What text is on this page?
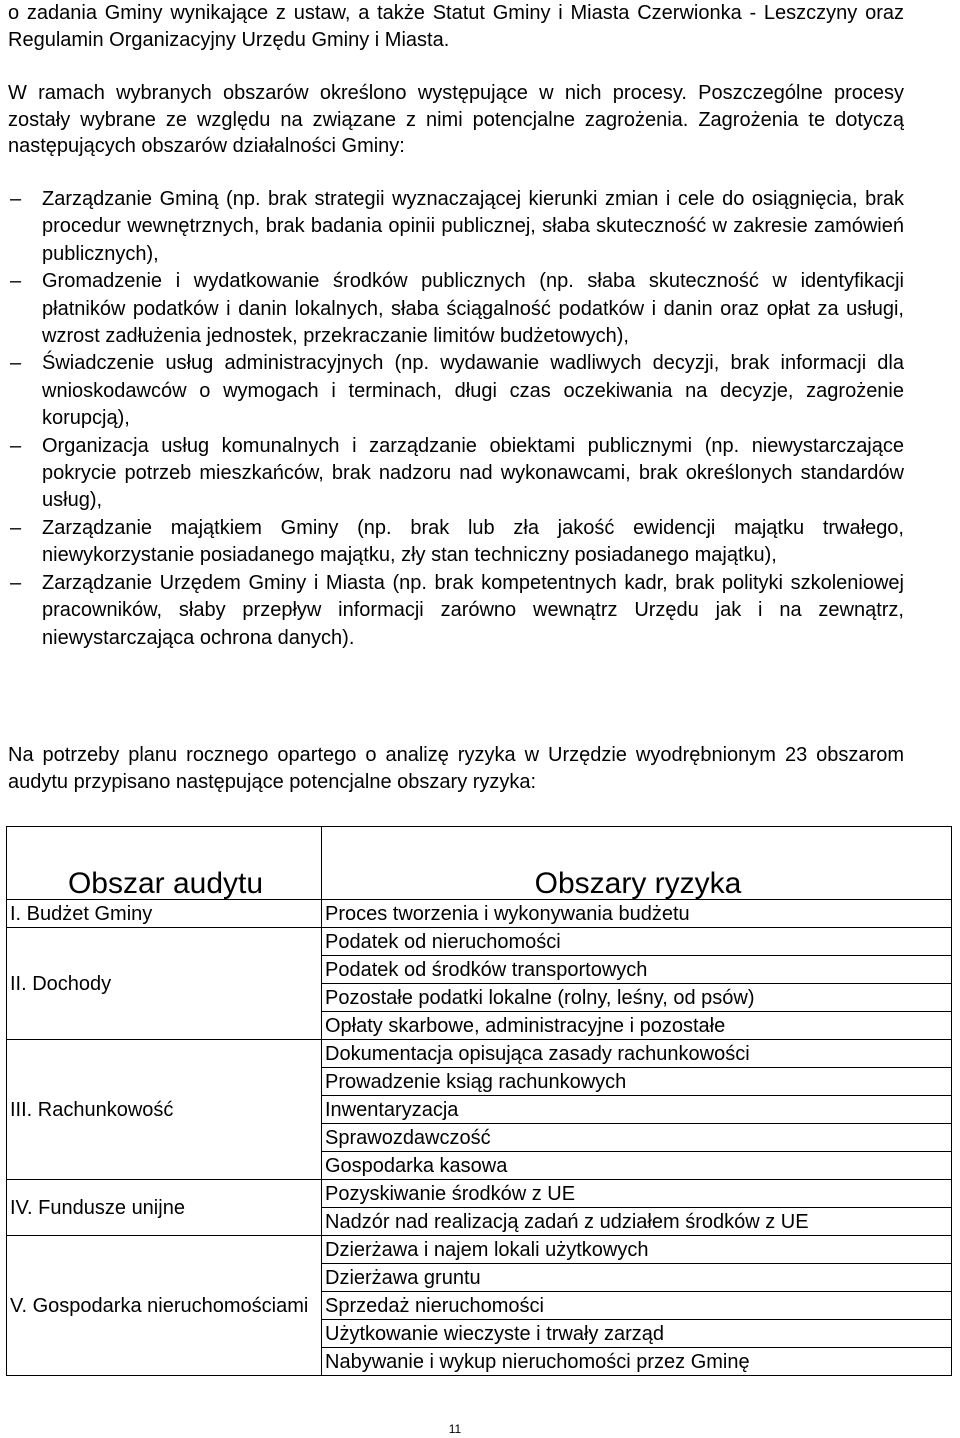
o zadania Gminy wynikające z ustaw, a także Statut Gminy i Miasta Czerwionka - Leszczyny oraz Regulamin Organizacyjny Urzędu Gminy i Miasta.
W ramach wybranych obszarów określono występujące w nich procesy. Poszczególne procesy zostały wybrane ze względu na związane z nimi potencjalne zagrożenia. Zagrożenia te dotyczą następujących obszarów działalności Gminy:
– Zarządzanie Gminą (np. brak strategii wyznaczającej kierunki zmian i cele do osiągnięcia, brak procedur wewnętrznych, brak badania opinii publicznej, słaba skuteczność w zakresie zamówień publicznych),
– Gromadzenie i wydatkowanie środków publicznych (np. słaba skuteczność w identyfikacji płatników podatków i danin lokalnych, słaba ściągalność podatków i danin oraz opłat za usługi, wzrost zadłużenia jednostek, przekraczanie limitów budżetowych),
– Świadczenie usług administracyjnych (np. wydawanie wadliwych decyzji, brak informacji dla wnioskodawców o wymogach i terminach, długi czas oczekiwania na decyzje, zagrożenie korupcją),
– Organizacja usług komunalnych i zarządzanie obiektami publicznymi (np. niewystarczające pokrycie potrzeb mieszkańców, brak nadzoru nad wykonawcami, brak określonych standardów usług),
– Zarządzanie majątkiem Gminy (np. brak lub zła jakość ewidencji majątku trwałego, niewykorzystanie posiadanego majątku, zły stan techniczny posiadanego majątku),
– Zarządzanie Urzędem Gminy i Miasta (np. brak kompetentnych kadr, brak polityki szkoleniowej pracowników, słaby przepływ informacji zarówno wewnątrz Urzędu jak i na zewnątrz, niewystarczająca ochrona danych).
Na potrzeby planu rocznego opartego o analizę ryzyka w Urzędzie wyodrębnionym 23 obszarom audytu przypisano następujące potencjalne obszary ryzyka:
Obszar audytu	Obszary ryzyka
I. Budżet Gminy	Proces tworzenia i wykonywania budżetu
II. Dochody	Podatek od nieruchomości
	Podatek od środków transportowych
	Pozostałe podatki lokalne (rolny, leśny, od psów)
	Opłaty skarbowe, administracyjne i pozostałe
III. Rachunkowość	Dokumentacja opisująca zasady rachunkowości
	Prowadzenie ksiąg rachunkowych
	Inwentaryzacja
	Sprawozdawczość
	Gospodarka kasowa
IV. Fundusze unijne	Pozyskiwanie środków z UE
	Nadzór nad realizacją zadań z udziałem środków z UE
V. Gospodarka nieruchomościami	Dzierżawa i najem lokali użytkowych
	Dzierżawa gruntu
	Sprzedaż nieruchomości
	Użytkowanie wieczyste i trwały zarząd
	Nabywanie i wykup nieruchomości przez Gminę
11
